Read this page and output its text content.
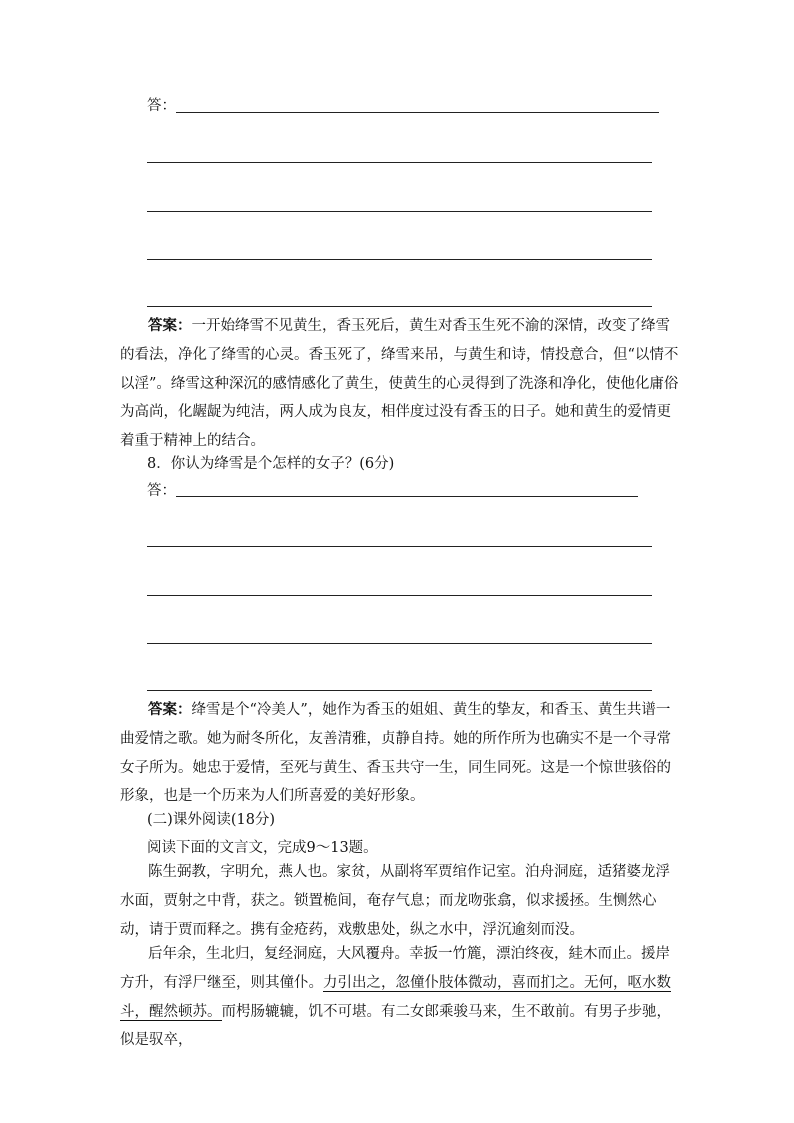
答：
答案：一开始绛雪不见黄生，香玉死后，黄生对香玉生死不渝的深情，改变了绛雪的看法，净化了绛雪的心灵。香玉死了，绛雪来吊，与黄生和诗，情投意合，但“以情不以淫”。绛雪这种深沉的感情感化了黄生，使黄生的心灵得到了洗涤和净化，使他化庸俗为高尚，化龌龊为纯洁，两人成为良友，相伴度过没有香玉的日子。她和黄生的爱情更着重于精神上的结合。
8．你认为绛雪是个怎样的女子？(6分)
答：
答案：绛雪是个“冷美人”，她作为香玉的姐姐、黄生的挚友，和香玉、黄生共谱一曲爱情之歌。她为耐冬所化，友善清雅，贞静自持。她的所作所为也确实不是一个寻常女子所为。她忠于爱情，至死与黄生、香玉共守一生，同生同死。这是一个惊世骇俗的形象，也是一个历来为人们所喜爱的美好形象。
(二)课外阅读(18分)
阅读下面的文言文，完成9～13题。
陈生弼教，字明允，燕人也。家贫，从副将军贾绾作记室。泊舟洞庭，适猪婆龙浮水面，贾射之中背，获之。锁置桅间，奄存气息；而龙吻张翕，似求援拯。生恻然心动，请于贾而释之。携有金疮药，戏敷患处，纵之水中，浮沉逾刻而没。
后年余，生北归，复经洞庭，大风覆舟。幸扳一竹簏，漂泊终夜，絓木而止。援岸方升，有浮尸继至，则其僮仆。力引出之，忽僮仆肢体微动，喜而扪之。无何，呕水数斗，醒然顿苏。而枵肠辘辘，饥不可堪。有二女郎乘骏马来，生不敢前。有男子步驰，似是驭卒，
